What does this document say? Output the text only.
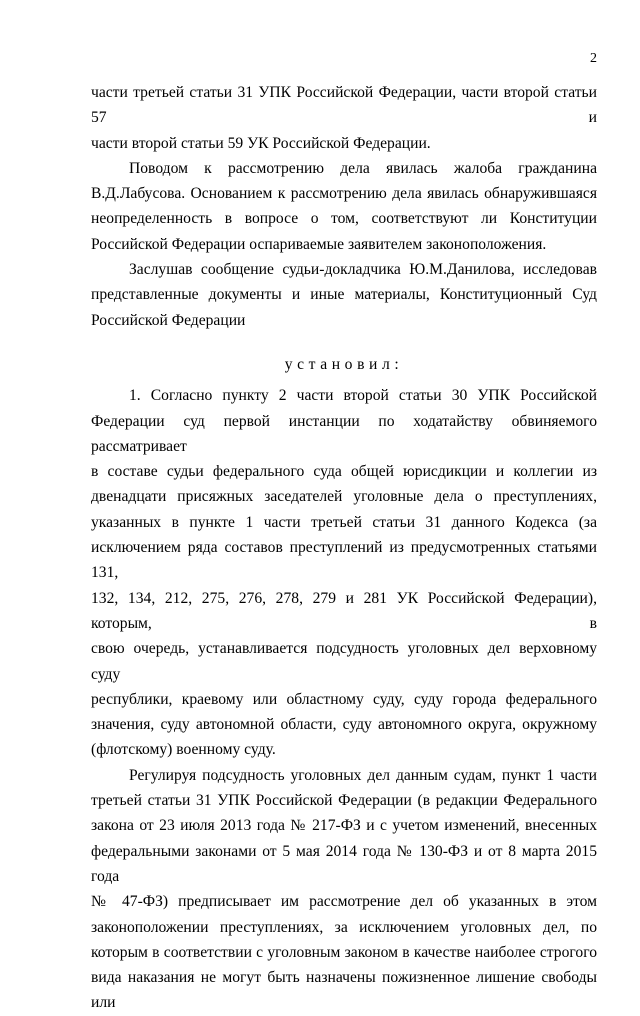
2

части третьей статьи 31 УПК Российской Федерации, части второй статьи 57 и

части второй статьи 59 УК Российской Федерации.

Поводом к рассмотрению дела явилась жалоба гражданина

В.Д.Лабусова. Основанием к рассмотрению дела явилась обнаружившаяся

неопределенность в вопросе о том, соответствуют ли Конституции

Российской Федерации оспариваемые заявителем законоположения.

Заслушав сообщение судьи-докладчика Ю.М.Данилова, исследовав

представленные документы и иные материалы, Конституционный Суд

Российской Федерации

установил:

1. Согласно пункту 2 части второй статьи 30 УПК Российской

Федерации суд первой инстанции по ходатайству обвиняемого рассматривает

в составе судьи федерального суда общей юрисдикции и коллегии из

двенадцати присяжных заседателей уголовные дела о преступлениях,

указанных в пункте 1 части третьей статьи 31 данного Кодекса (за

исключением ряда составов преступлений из предусмотренных статьями 131,

132, 134, 212, 275, 276, 278, 279 и 281 УК Российской Федерации), которым, в

свою очередь, устанавливается подсудность уголовных дел верховному суду

республики, краевому или областному суду, суду города федерального

значения, суду автономной области, суду автономного округа, окружному

(флотскому) военному суду.

Регулируя подсудность уголовных дел данным судам, пункт 1 части

третьей статьи 31 УПК Российской Федерации (в редакции Федерального

закона от 23 июля 2013 года № 217-ФЗ и с учетом изменений, внесенных

федеральными законами от 5 мая 2014 года № 130-ФЗ и от 8 марта 2015 года

№ 47-ФЗ) предписывает им рассмотрение дел об указанных в этом

законоположении преступлениях, за исключением уголовных дел, по

которым в соответствии с уголовным законом в качестве наиболее строгого

вида наказания не могут быть назначены пожизненное лишение свободы или
